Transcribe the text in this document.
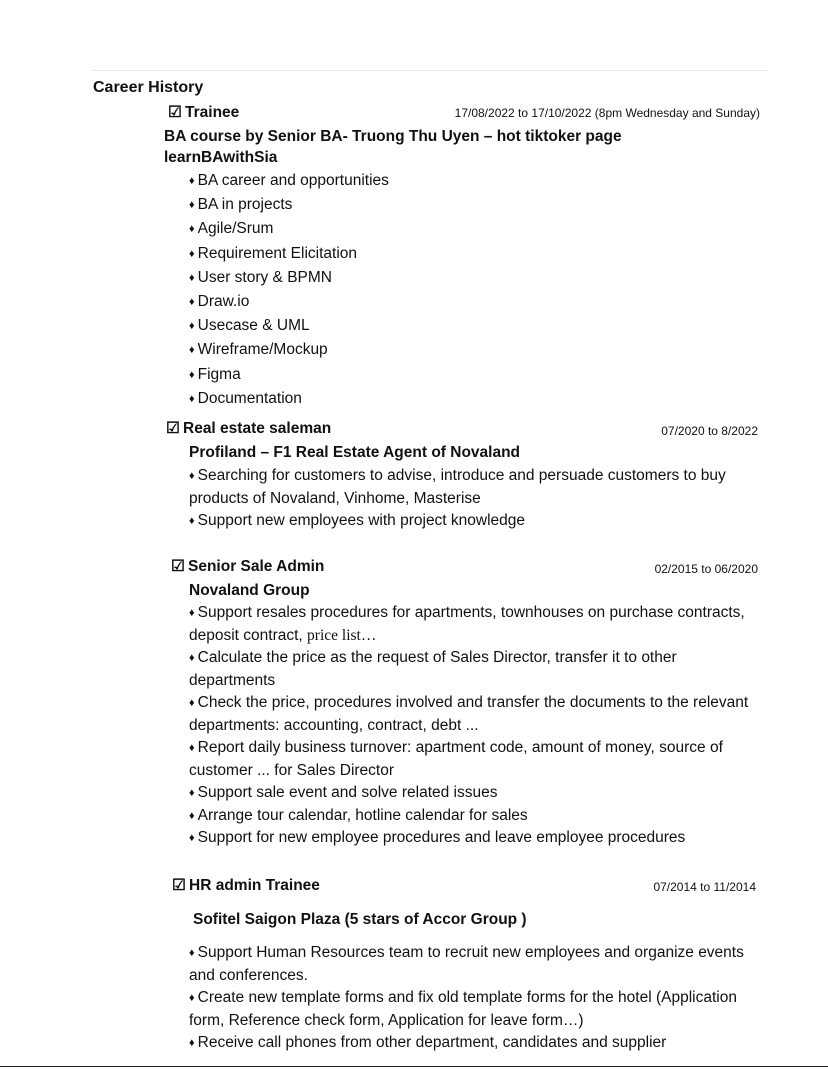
Career History
☑ Trainee	17/08/2022 to 17/10/2022 (8pm Wednesday and Sunday)
BA course by Senior BA- Truong Thu Uyen – hot tiktoker page learnBAwithSia
♦ BA career and opportunities
♦ BA in projects
♦ Agile/Srum
♦ Requirement Elicitation
♦ User story & BPMN
♦ Draw.io
♦ Usecase & UML
♦ Wireframe/Mockup
♦ Figma
♦ Documentation
☑ Real estate saleman	07/2020 to 8/2022
Profiland – F1 Real Estate Agent of Novaland
♦ Searching for customers to advise, introduce and persuade customers to buy products of Novaland, Vinhome, Masterise
♦ Support new employees with project knowledge
☑ Senior Sale Admin	02/2015 to 06/2020
Novaland Group
♦ Support resales procedures for apartments, townhouses on purchase contracts, deposit contract, price list…
♦ Calculate the price as the request of Sales Director, transfer it to other departments
♦ Check the price, procedures involved and transfer the documents to the relevant departments: accounting, contract, debt ...
♦ Report daily business turnover: apartment code, amount of money, source of customer ... for Sales Director
♦ Support sale event and solve related issues
♦ Arrange tour calendar, hotline calendar for sales
♦ Support for new employee procedures and leave employee procedures
☑ HR admin Trainee	07/2014 to 11/2014
Sofitel Saigon Plaza (5 stars of Accor Group )
♦ Support Human Resources team to recruit new employees and organize events and conferences.
♦ Create new template forms and fix old template forms for the hotel (Application form, Reference check form, Application for leave form…)
♦ Receive call phones from other department, candidates and supplier
